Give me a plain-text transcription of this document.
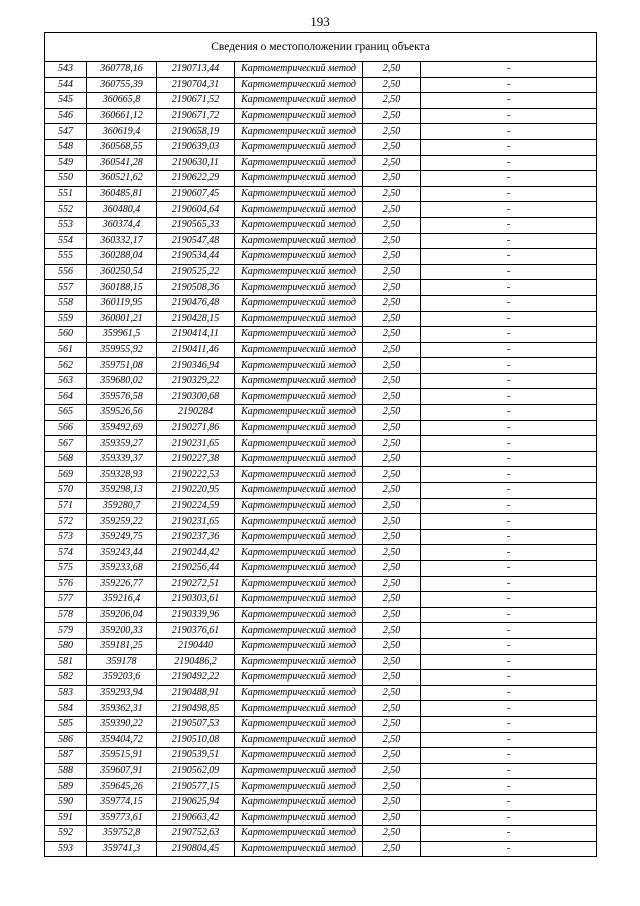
193
Сведения о местоположении границ объекта					
543	360778,16	2190713,44	Картометрический метод	2,50	-
544	360755,39	2190704,31	Картометрический метод	2,50	-
545	360665,8	2190671,52	Картометрический метод	2,50	-
546	360661,12	2190671,72	Картометрический метод	2,50	-
547	360619,4	2190658,19	Картометрический метод	2,50	-
548	360568,55	2190639,03	Картометрический метод	2,50	-
549	360541,28	2190630,11	Картометрический метод	2,50	-
550	360521,62	2190622,29	Картометрический метод	2,50	-
551	360485,81	2190607,45	Картометрический метод	2,50	-
552	360480,4	2190604,64	Картометрический метод	2,50	-
553	360374,4	2190565,33	Картометрический метод	2,50	-
554	360332,17	2190547,48	Картометрический метод	2,50	-
555	360288,04	2190534,44	Картометрический метод	2,50	-
556	360250,54	2190525,22	Картометрический метод	2,50	-
557	360188,15	2190508,36	Картометрический метод	2,50	-
558	360119,95	2190476,48	Картометрический метод	2,50	-
559	360001,21	2190428,15	Картометрический метод	2,50	-
560	359961,5	2190414,11	Картометрический метод	2,50	-
561	359955,92	2190411,46	Картометрический метод	2,50	-
562	359751,08	2190346,94	Картометрический метод	2,50	-
563	359680,02	2190329,22	Картометрический метод	2,50	-
564	359576,58	2190300,68	Картометрический метод	2,50	-
565	359526,56	2190284	Картометрический метод	2,50	-
566	359492,69	2190271,86	Картометрический метод	2,50	-
567	359359,27	2190231,65	Картометрический метод	2,50	-
568	359339,37	2190227,38	Картометрический метод	2,50	-
569	359328,93	2190222,53	Картометрический метод	2,50	-
570	359298,13	2190220,95	Картометрический метод	2,50	-
571	359280,7	2190224,59	Картометрический метод	2,50	-
572	359259,22	2190231,65	Картометрический метод	2,50	-
573	359249,75	2190237,36	Картометрический метод	2,50	-
574	359243,44	2190244,42	Картометрический метод	2,50	-
575	359233,68	2190256,44	Картометрический метод	2,50	-
576	359226,77	2190272,51	Картометрический метод	2,50	-
577	359216,4	2190303,61	Картометрический метод	2,50	-
578	359206,04	2190339,96	Картометрический метод	2,50	-
579	359200,33	2190376,61	Картометрический метод	2,50	-
580	359181,25	2190440	Картометрический метод	2,50	-
581	359178	2190486,2	Картометрический метод	2,50	-
582	359203,6	2190492,22	Картометрический метод	2,50	-
583	359293,94	2190488,91	Картометрический метод	2,50	-
584	359362,31	2190498,85	Картометрический метод	2,50	-
585	359390,22	2190507,53	Картометрический метод	2,50	-
586	359404,72	2190510,08	Картометрический метод	2,50	-
587	359515,91	2190539,51	Картометрический метод	2,50	-
588	359607,91	2190562,09	Картометрический метод	2,50	-
589	359645,26	2190577,15	Картометрический метод	2,50	-
590	359774,15	2190625,94	Картометрический метод	2,50	-
591	359773,61	2190663,42	Картометрический метод	2,50	-
592	359752,8	2190752,63	Картометрический метод	2,50	-
593	359741,3	2190804,45	Картометрический метод	2,50	-
